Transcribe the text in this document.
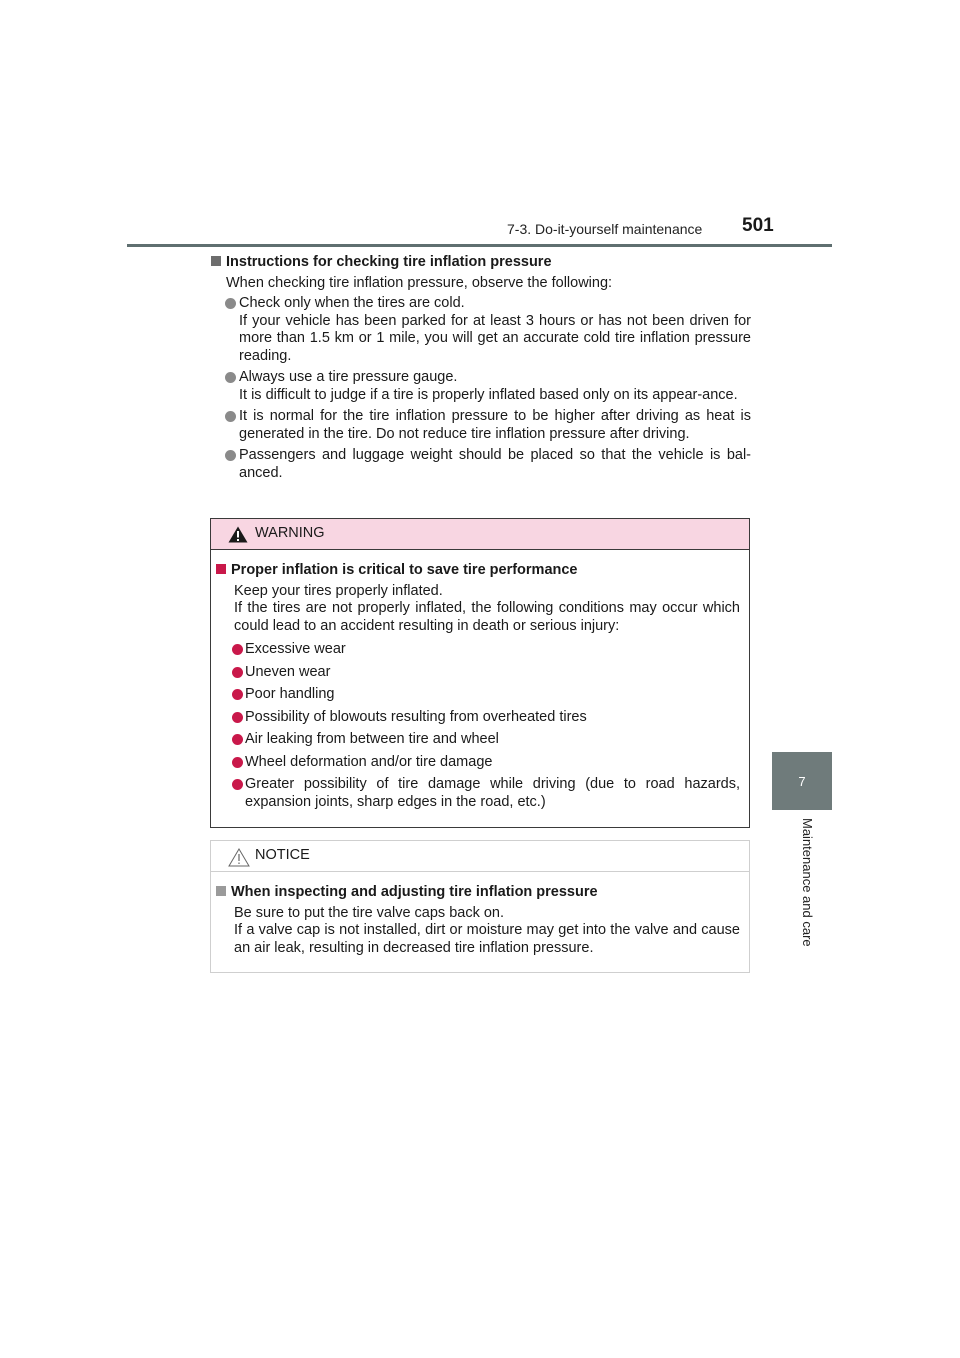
7-3. Do-it-yourself maintenance 501
7
Maintenance and care
Instructions for checking tire inflation pressure
When checking tire inflation pressure, observe the following:
Check only when the tires are cold.
If your vehicle has been parked for at least 3 hours or has not been driven for more than 1.5 km or 1 mile, you will get an accurate cold tire inflation pressure reading.
Always use a tire pressure gauge.
It is difficult to judge if a tire is properly inflated based only on its appear-ance.
It is normal for the tire inflation pressure to be higher after driving as heat is generated in the tire. Do not reduce tire inflation pressure after driving.
Passengers and luggage weight should be placed so that the vehicle is bal-anced.
WARNING
Proper inflation is critical to save tire performance
Keep your tires properly inflated.
If the tires are not properly inflated, the following conditions may occur which could lead to an accident resulting in death or serious injury:
Excessive wear
Uneven wear
Poor handling
Possibility of blowouts resulting from overheated tires
Air leaking from between tire and wheel
Wheel deformation and/or tire damage
Greater possibility of tire damage while driving (due to road hazards, expansion joints, sharp edges in the road, etc.)
NOTICE
When inspecting and adjusting tire inflation pressure
Be sure to put the tire valve caps back on.
If a valve cap is not installed, dirt or moisture may get into the valve and cause an air leak, resulting in decreased tire inflation pressure.
